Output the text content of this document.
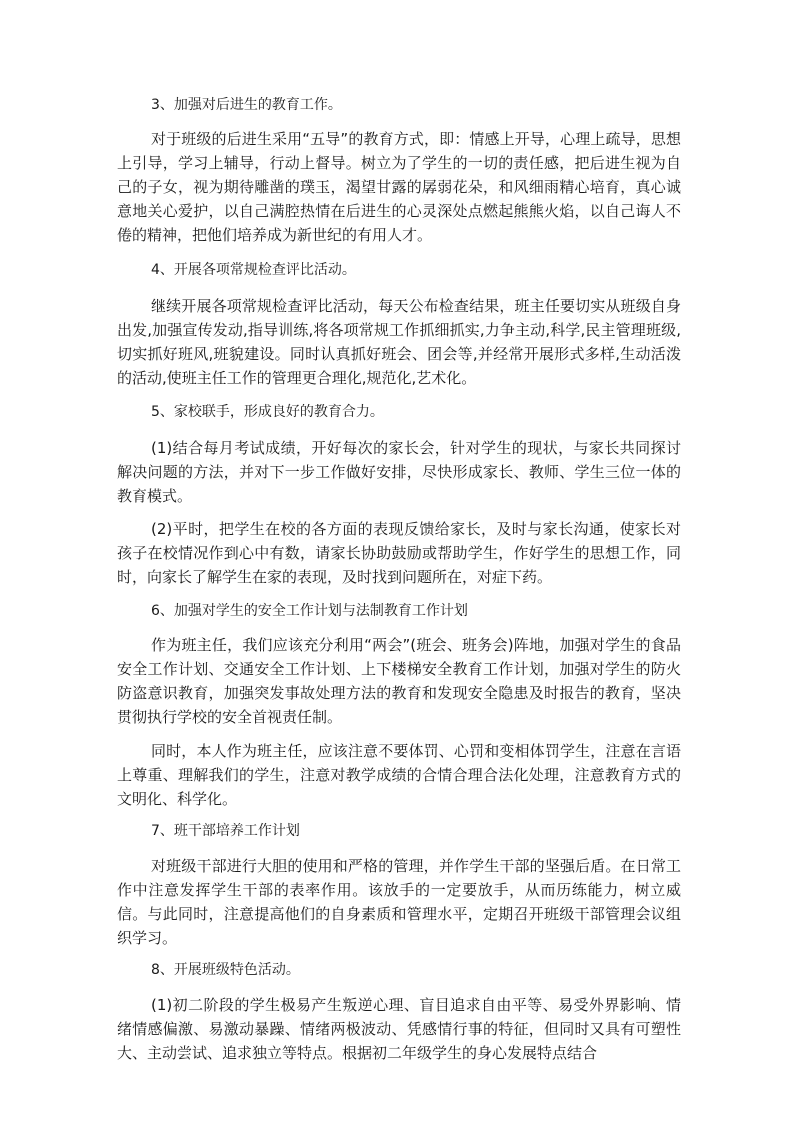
3、加强对后进生的教育工作。

对于班级的后进生采用“五导”的教育方式，即：情感上开导，心理上疏导，思想上引导，学习上辅导，行动上督导。树立为了学生的一切的责任感，把后进生视为自己的子女，视为期待雕凿的璞玉，渴望甘露的孱弱花朵，和风细雨精心培育，真心诚意地关心爱护，以自己满腔热情在后进生的心灵深处点燃起熊熊火焰，以自己诲人不倦的精神，把他们培养成为新世纪的有用人才。

4、开展各项常规检查评比活动。

继续开展各项常规检查评比活动，每天公布检查结果，班主任要切实从班级自身出发,加强宣传发动,指导训练,将各项常规工作抓细抓实,力争主动,科学,民主管理班级,切实抓好班风,班貌建设。同时认真抓好班会、团会等,并经常开展形式多样,生动活泼的活动,使班主任工作的管理更合理化,规范化,艺术化。

5、家校联手，形成良好的教育合力。

(1)结合每月考试成绩，开好每次的家长会，针对学生的现状，与家长共同探讨解决问题的方法，并对下一步工作做好安排，尽快形成家长、教师、学生三位一体的教育模式。

(2)平时，把学生在校的各方面的表现反馈给家长，及时与家长沟通，使家长对孩子在校情况作到心中有数，请家长协助鼓励或帮助学生，作好学生的思想工作，同时，向家长了解学生在家的表现，及时找到问题所在，对症下药。

6、加强对学生的安全工作计划与法制教育工作计划

作为班主任，我们应该充分利用“两会”(班会、班务会)阵地，加强对学生的食品安全工作计划、交通安全工作计划、上下楼梯安全教育工作计划，加强对学生的防火防盗意识教育，加强突发事故处理方法的教育和发现安全隐患及时报告的教育，坚决贯彻执行学校的安全首视责任制。

同时，本人作为班主任，应该注意不要体罚、心罚和变相体罚学生，注意在言语上尊重、理解我们的学生，注意对教学成绩的合情合理合法化处理，注意教育方式的文明化、科学化。

7、班干部培养工作计划

对班级干部进行大胆的使用和严格的管理，并作学生干部的坚强后盾。在日常工作中注意发挥学生干部的表率作用。该放手的一定要放手，从而历练能力，树立威信。与此同时，注意提高他们的自身素质和管理水平，定期召开班级干部管理会议组织学习。

8、开展班级特色活动。

(1)初二阶段的学生极易产生叛逆心理、盲目追求自由平等、易受外界影响、情绪情感偏激、易激动暴躁、情绪两极波动、凭感情行事的特征，但同时又具有可塑性大、主动尝试、追求独立等特点。根据初二年级学生的身心发展特点结合
